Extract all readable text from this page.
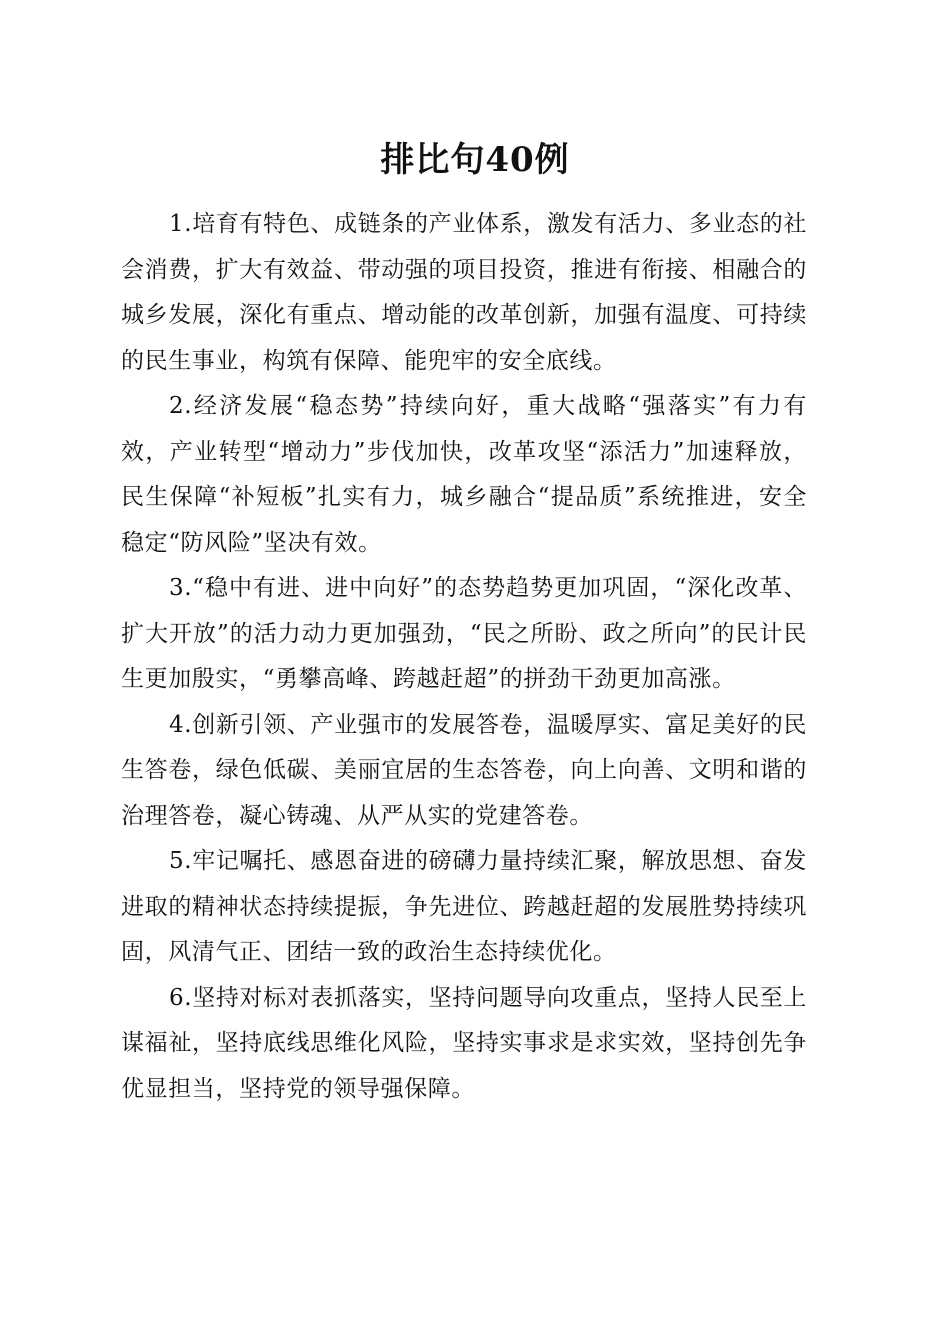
排比句40例

1.培育有特色、成链条的产业体系，激发有活力、多业态的社会消费，扩大有效益、带动强的项目投资，推进有衔接、相融合的城乡发展，深化有重点、增动能的改革创新，加强有温度、可持续的民生事业，构筑有保障、能兜牢的安全底线。

2.经济发展“稳态势”持续向好，重大战略“强落实”有力有效，产业转型“增动力”步伐加快，改革攻坚“添活力”加速释放，民生保障“补短板”扎实有力，城乡融合“提品质”系统推进，安全稳定“防风险”坚决有效。

3.“稳中有进、进中向好”的态势趋势更加巩固，“深化改革、扩大开放”的活力动力更加强劲，“民之所盼、政之所向”的民计民生更加殷实，“勇攀高峰、跨越赶超”的拼劲干劲更加高涨。

4.创新引领、产业强市的发展答卷，温暖厚实、富足美好的民生答卷，绿色低碳、美丽宜居的生态答卷，向上向善、文明和谐的治理答卷，凝心铸魂、从严从实的党建答卷。

5.牢记嘱托、感恩奋进的磅礴力量持续汇聚，解放思想、奋发进取的精神状态持续提振，争先进位、跨越赶超的发展胜势持续巩固，风清气正、团结一致的政治生态持续优化。

6.坚持对标对表抓落实，坚持问题导向攻重点，坚持人民至上谋福祉，坚持底线思维化风险，坚持实事求是求实效，坚持创先争优显担当，坚持党的领导强保障。
